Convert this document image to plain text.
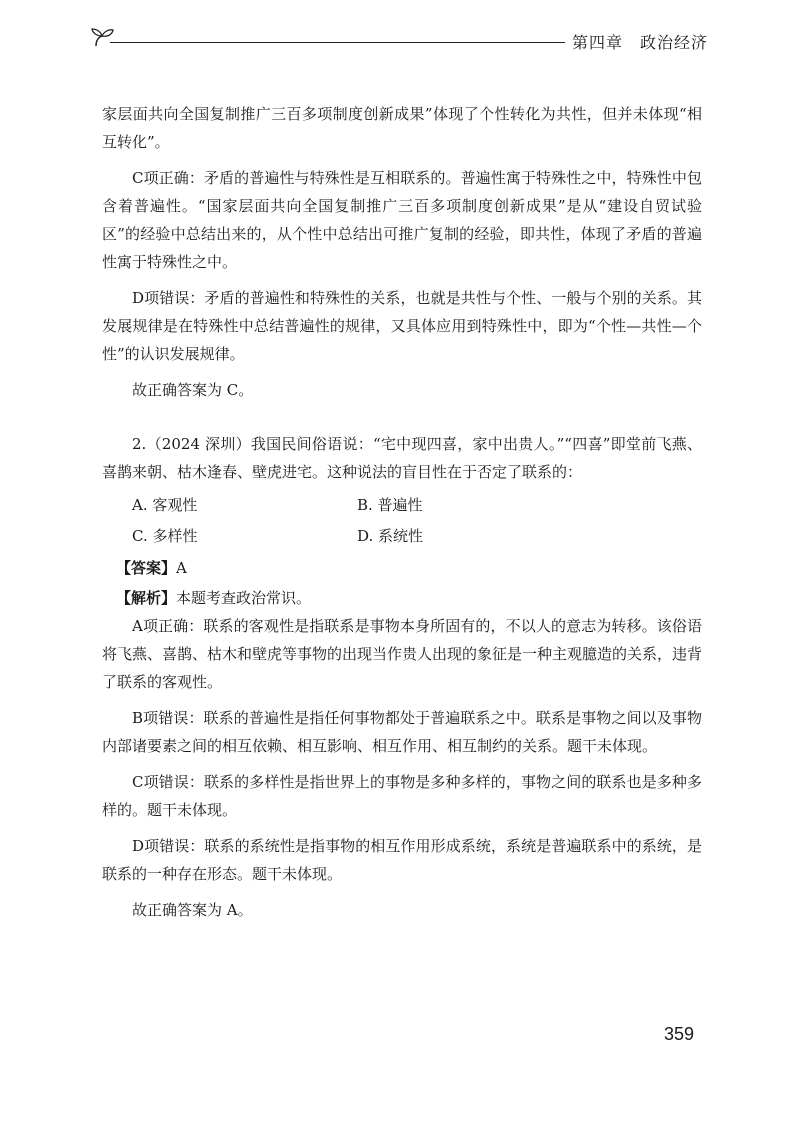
第四章　政治经济

家层面共向全国复制推广三百多项制度创新成果”体现了个性转化为共性，但并未体现“相互转化”。

C项正确：矛盾的普遍性与特殊性是互相联系的。普遍性寓于特殊性之中，特殊性中包含着普遍性。“国家层面共向全国复制推广三百多项制度创新成果”是从“建设自贸试验区”的经验中总结出来的，从个性中总结出可推广复制的经验，即共性，体现了矛盾的普遍性寓于特殊性之中。

D项错误：矛盾的普遍性和特殊性的关系，也就是共性与个性、一般与个别的关系。其发展规律是在特殊性中总结普遍性的规律，又具体应用到特殊性中，即为“个性—共性—个性”的认识发展规律。

故正确答案为 C。

2.（2024 深圳）我国民间俗语说：“宅中现四喜，家中出贵人。”“四喜”即堂前飞燕、喜鹊来朝、枯木逢春、壁虎进宅。这种说法的盲目性在于否定了联系的：

A. 客观性	B. 普遍性
C. 多样性	D. 系统性

【答案】A

【解析】本题考查政治常识。

A项正确：联系的客观性是指联系是事物本身所固有的，不以人的意志为转移。该俗语将飞燕、喜鹊、枯木和壁虎等事物的出现当作贵人出现的象征是一种主观臆造的关系，违背了联系的客观性。

B项错误：联系的普遍性是指任何事物都处于普遍联系之中。联系是事物之间以及事物内部诸要素之间的相互依赖、相互影响、相互作用、相互制约的关系。题干未体现。

C项错误：联系的多样性是指世界上的事物是多种多样的，事物之间的联系也是多种多样的。题干未体现。

D项错误：联系的系统性是指事物的相互作用形成系统，系统是普遍联系中的系统，是联系的一种存在形态。题干未体现。

故正确答案为 A。

359
